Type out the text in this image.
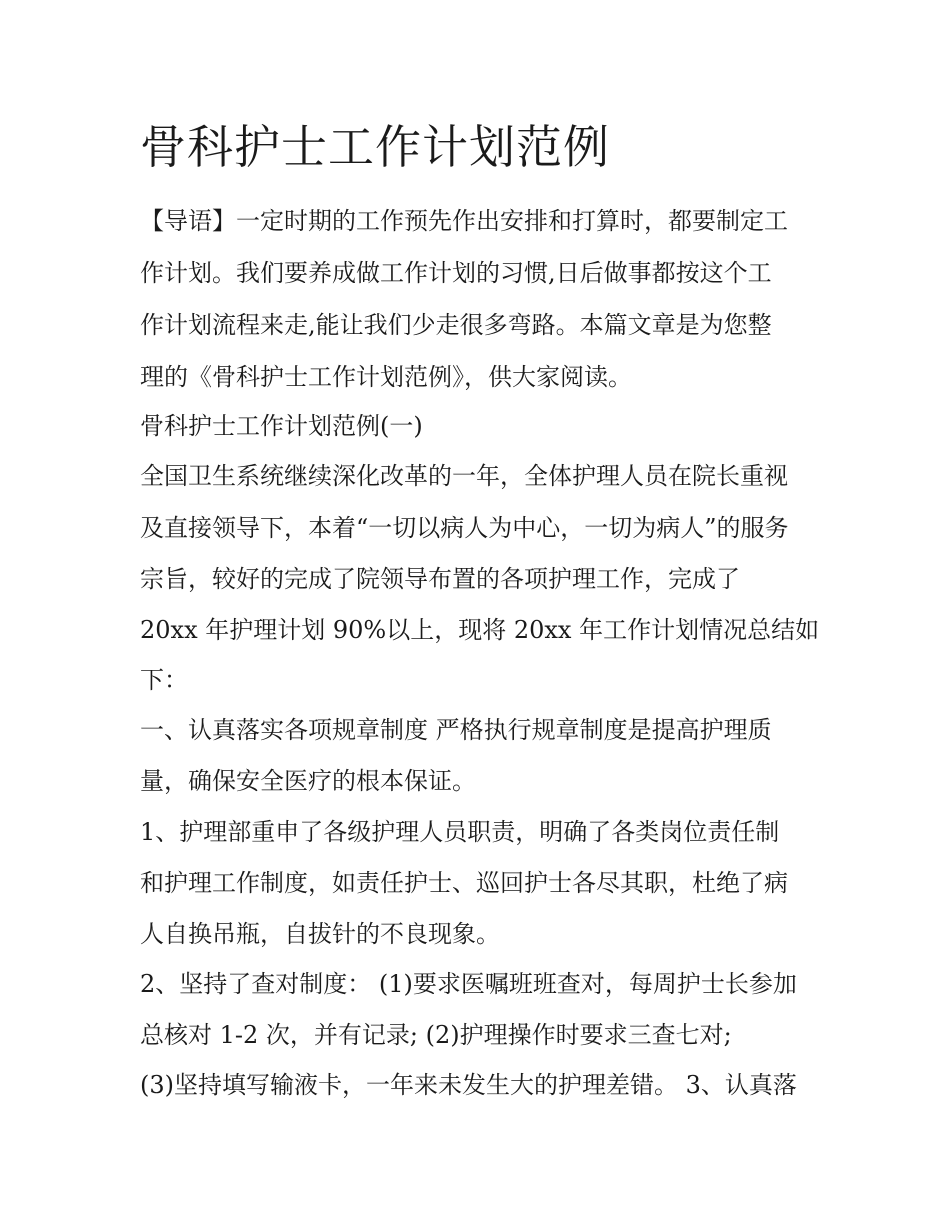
骨科护士工作计划范例

【导语】一定时期的工作预先作出安排和打算时，都要制定工

作计划。我们要养成做工作计划的习惯,日后做事都按这个工

作计划流程来走,能让我们少走很多弯路。本篇文章是为您整

理的《骨科护士工作计划范例》，供大家阅读。

骨科护士工作计划范例(一)

全国卫生系统继续深化改革的一年，全体护理人员在院长重视

及直接领导下，本着“一切以病人为中心，一切为病人”的服务

宗旨，较好的完成了院领导布置的各项护理工作，完成了

20xx 年护理计划 90%以上，现将 20xx 年工作计划情况总结如

下：

一、认真落实各项规章制度 严格执行规章制度是提高护理质

量，确保安全医疗的根本保证。

1、护理部重申了各级护理人员职责，明确了各类岗位责任制

和护理工作制度，如责任护士、巡回护士各尽其职，杜绝了病

人自换吊瓶，自拔针的不良现象。

2、坚持了查对制度： (1)要求医嘱班班查对，每周护士长参加

总核对 1-2 次，并有记录; (2)护理操作时要求三查七对;

(3)坚持填写输液卡，一年来未发生大的护理差错。 3、认真落
